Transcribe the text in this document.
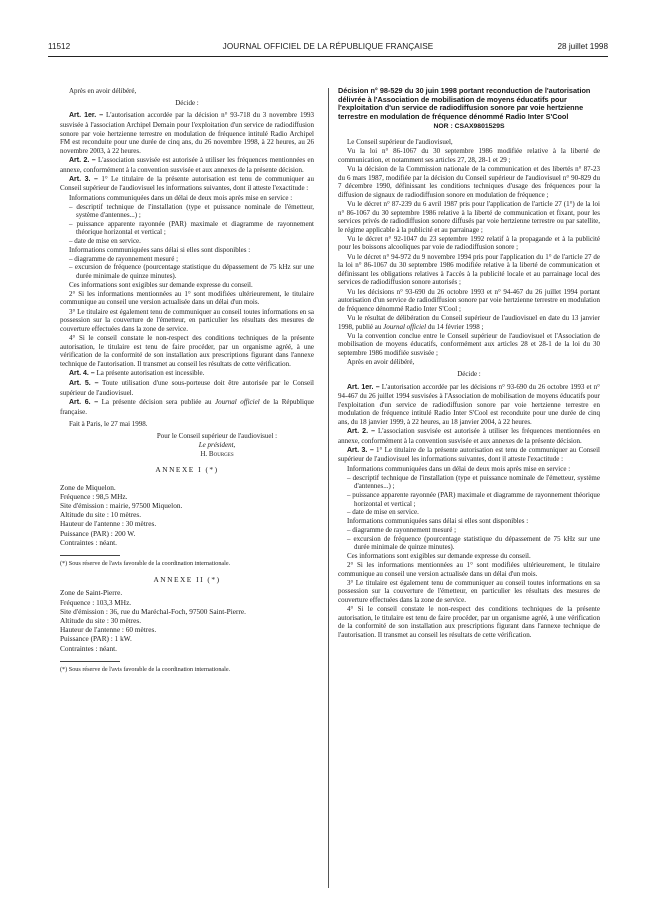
11512	JOURNAL OFFICIEL DE LA RÉPUBLIQUE FRANÇAISE	28 juillet 1998

Après en avoir délibéré,

Décide :

Art. 1er. – L'autorisation accordée par la décision n° 93-718 du 3 novembre 1993 susvisée à l'association Archipel Demain pour l'exploitation d'un service de radiodiffusion sonore par voie hertzienne terrestre en modulation de fréquence intitulé Radio Archipel FM est reconduite pour une durée de cinq ans, du 26 novembre 1998, à 22 heures, au 26 novembre 2003, à 22 heures.

Art. 2. – L'association susvisée est autorisée à utiliser les fréquences mentionnées en annexe, conformément à la convention susvisée et aux annexes de la présente décision.

Art. 3. – 1° Le titulaire de la présente autorisation est tenu de communiquer au Conseil supérieur de l'audiovisuel les informations suivantes, dont il atteste l'exactitude :

Informations communiquées dans un délai de deux mois après mise en service :

– descriptif technique de l'installation (type et puissance nominale de l'émetteur, système d'antennes...) ;

– puissance apparente rayonnée (PAR) maximale et diagramme de rayonnement théorique horizontal et vertical ;

– date de mise en service.

Informations communiquées sans délai si elles sont disponibles :

– diagramme de rayonnement mesuré ;

– excursion de fréquence (pourcentage statistique du dépassement de 75 kHz sur une durée minimale de quinze minutes).

Ces informations sont exigibles sur demande expresse du conseil.

2° Si les informations mentionnées au 1° sont modifiées ultérieurement, le titulaire communique au conseil une version actualisée dans un délai d'un mois.

3° Le titulaire est également tenu de communiquer au conseil toutes informations en sa possession sur la couverture de l'émetteur, en particulier les résultats des mesures de couverture effectuées dans la zone de service.

4° Si le conseil constate le non-respect des conditions techniques de la présente autorisation, le titulaire est tenu de faire procéder, par un organisme agréé, à une vérification de la conformité de son installation aux prescriptions figurant dans l'annexe technique de l'autorisation. Il transmet au conseil les résultats de cette vérification.

Art. 4. – La présente autorisation est incessible.

Art. 5. – Toute utilisation d'une sous-porteuse doit être autorisée par le Conseil supérieur de l'audiovisuel.

Art. 6. – La présente décision sera publiée au Journal officiel de la République française.

Fait à Paris, le 27 mai 1998.

Pour le Conseil supérieur de l'audiovisuel :

Le président,

H. Bourges

ANNEXE I (*)

Zone de Miquelon.

Fréquence : 98,5 MHz.

Site d'émission : mairie, 97500 Miquelon.

Altitude du site : 10 mètres.

Hauteur de l'antenne : 30 mètres.

Puissance (PAR) : 200 W.

Contraintes : néant.

(*) Sous réserve de l'avis favorable de la coordination internationale.

ANNEXE II (*)

Zone de Saint-Pierre.

Fréquence : 103,3 MHz.

Site d'émission : 36, rue du Maréchal-Foch, 97500 Saint-Pierre.

Altitude du site : 30 mètres.

Hauteur de l'antenne : 60 mètres.

Puissance (PAR) : 1 kW.

Contraintes : néant.

(*) Sous réserve de l'avis favorable de la coordination internationale.

Décision n° 98-529 du 30 juin 1998 portant reconduction de l'autorisation délivrée à l'Association de mobilisation de moyens éducatifs pour l'exploitation d'un service de radiodiffusion sonore par voie hertzienne terrestre en modulation de fréquence dénommé Radio Inter S'Cool

NOR : CSAX9801529S

Le Conseil supérieur de l'audiovisuel,

Vu la loi n° 86-1067 du 30 septembre 1986 modifiée relative à la liberté de communication, et notamment ses articles 27, 28, 28-1 et 29 ;

Vu la décision de la Commission nationale de la communication et des libertés n° 87-23 du 6 mars 1987, modifiée par la décision du Conseil supérieur de l'audiovisuel n° 90-829 du 7 décembre 1990, définissant les conditions techniques d'usage des fréquences pour la diffusion de signaux de radiodiffusion sonore en modulation de fréquence ;

Vu le décret n° 87-239 du 6 avril 1987 pris pour l'application de l'article 27 (1°) de la loi n° 86-1067 du 30 septembre 1986 relative à la liberté de communication et fixant, pour les services privés de radiodiffusion sonore diffusés par voie hertzienne terrestre ou par satellite, le régime applicable à la publicité et au parrainage ;

Vu le décret n° 92-1047 du 23 septembre 1992 relatif à la propagande et à la publicité pour les boissons alcooliques par voie de radiodiffusion sonore ;

Vu le décret n° 94-972 du 9 novembre 1994 pris pour l'application du 1° de l'article 27 de la loi n° 86-1067 du 30 septembre 1986 modifiée relative à la liberté de communication et définissant les obligations relatives à l'accès à la publicité locale et au parrainage local des services de radiodiffusion sonore autorisés ;

Vu les décisions n° 93-690 du 26 octobre 1993 et n° 94-467 du 26 juillet 1994 portant autorisation d'un service de radiodiffusion sonore par voie hertzienne terrestre en modulation de fréquence dénommé Radio Inter S'Cool ;

Vu le résultat de délibération du Conseil supérieur de l'audiovisuel en date du 13 janvier 1998, publié au Journal officiel du 14 février 1998 ;

Vu la convention conclue entre le Conseil supérieur de l'audiovisuel et l'Association de mobilisation de moyens éducatifs, conformément aux articles 28 et 28-1 de la loi du 30 septembre 1986 modifiée susvisée ;

Après en avoir délibéré,

Décide :

Art. 1er. – L'autorisation accordée par les décisions n° 93-690 du 26 octobre 1993 et n° 94-467 du 26 juillet 1994 susvisées à l'Association de mobilisation de moyens éducatifs pour l'exploitation d'un service de radiodiffusion sonore par voie hertzienne terrestre en modulation de fréquence intitulé Radio Inter S'Cool est reconduite pour une durée de cinq ans, du 18 janvier 1999, à 22 heures, au 18 janvier 2004, à 22 heures.

Art. 2. – L'association susvisée est autorisée à utiliser les fréquences mentionnées en annexe, conformément à la convention susvisée et aux annexes de la présente décision.

Art. 3. – 1° Le titulaire de la présente autorisation est tenu de communiquer au Conseil supérieur de l'audiovisuel les informations suivantes, dont il atteste l'exactitude :

Informations communiquées dans un délai de deux mois après mise en service :

– descriptif technique de l'installation (type et puissance nominale de l'émetteur, système d'antennes...) ;

– puissance apparente rayonnée (PAR) maximale et diagramme de rayonnement théorique horizontal et vertical ;

– date de mise en service.

Informations communiquées sans délai si elles sont disponibles :

– diagramme de rayonnement mesuré ;

– excursion de fréquence (pourcentage statistique du dépassement de 75 kHz sur une durée minimale de quinze minutes).

Ces informations sont exigibles sur demande expresse du conseil.

2° Si les informations mentionnées au 1° sont modifiées ultérieurement, le titulaire communique au conseil une version actualisée dans un délai d'un mois.

3° Le titulaire est également tenu de communiquer au conseil toutes informations en sa possession sur la couverture de l'émetteur, en particulier les résultats des mesures de couverture effectuées dans la zone de service.

4° Si le conseil constate le non-respect des conditions techniques de la présente autorisation, le titulaire est tenu de faire procéder, par un organisme agréé, à une vérification de la conformité de son installation aux prescriptions figurant dans l'annexe technique de l'autorisation. Il transmet au conseil les résultats de cette vérification.
